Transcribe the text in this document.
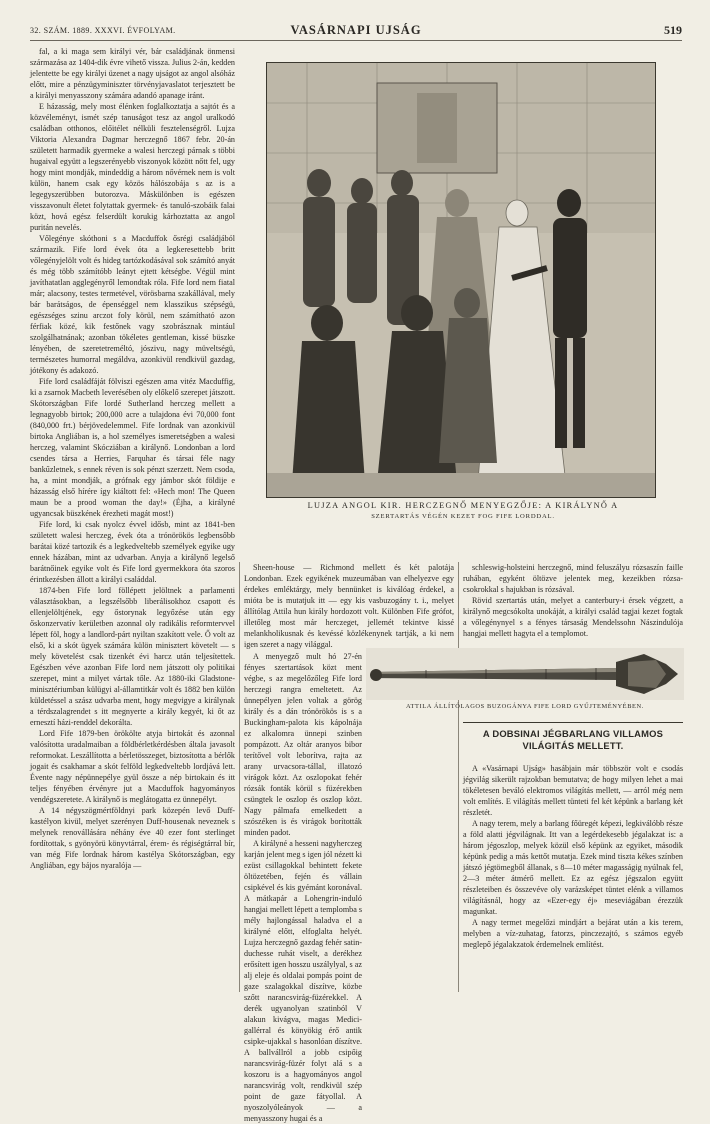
32. SZÁM. 1889. XXXVI. ÉVFOLYAM.	VASÁRNAPI UJSÁG	519

fal, a ki maga sem királyi vér, bár családjának önmensi származása az 1404-dik évre vihető vissza. Julius 2-án, kedden jelentette be egy királyi üzenet a nagy ujságot az angol alsóház előtt, mire a pénzügyminiszter törvényjavaslatot terjesztett be a királyi menyasszony számára adandó apanage iránt.

E házasság, mely most élénken foglalkoztatja a sajtót és a közvéleményt, ismét szép tanuságot tesz az angol uralkodó családban otthonos, előitélet nélküli fesztelenségről. Lujza Viktoria Alexandra Dagmar herczegnő 1867 febr. 20-án született harmadik gyermeke a walesi herczegi párnak s többi hugaival együtt a legszerényebb viszonyok között nőtt fel, ugy hogy mint mondják, mindeddig a három nővérnek nem is volt külön, hanem csak egy közös hálószobája s az is a legegyszerübben butorozva. Máskülönben is egészen visszavonult életet folytattak gyermek- és tanuló-szobáik falai közt, hová egész felserdült korukig kárhoztatta az angol puritán nevelés.

Vőlegénye skóthoni s a Macduffok ősrégi családjából származik. Fife lord évek óta a legkeresettebb britt vőlegényjelölt volt és hideg tartózkodásával sok számító anyát és még több számítóbb leányt ejtett kétségbe. Végül mint javíthatatlan agglegényről lemondtak róla. Fife lord nem fiatal már; alacsony, testes termetével, vörösbarna szakállával, mely bár barátságos, de épenséggel nem klasszikus szépségü, egészséges szinu arczot foly körül, nem számítható azon férfiak közé, kik festőnek vagy szobrásznak mintául szolgálhatnának; azonban tökéletes gentleman, kissé büszke lényében, de szeretetreméltó, jószivu, nagy müveltségü, természetes humorral megáldva, azonkivül rendkivül gazdag, jótékony és adakozó.

Fife lord családfáját fölviszi egészen ama vitéz Macduffig, ki a zsarnok Macbeth leverésében oly előkelő szerepet játszott. Skótországban Fife lordé Sutherland herczeg mellett a legnagyobb birtok; 200,000 acre a tulajdona évi 70,000 font (840,000 frt.) bérjövedelemmel. Fife lordnak van azonkivül birtoka Angliában is, a hol személyes ismeretségben a walesi herczeg, valamint Skócziában a királynő. Londonban a lord csendes társa a Herries, Farquhar és társai féle nagy bankűzletnek, s ennek réven is sok pénzt szerzett. Nem csoda, ha, a mint mondják, a grófnak egy jámbor skót földije e házasság első hírére így kiáltott fel: «Hech mon! The Queen maun be a prood woman the day!» (Éjha, a királyné ugyancsak büszkének érezheti magát most!)

Fife lord, ki csak nyolcz évvel idősb, mint az 1841-ben született walesi herczeg, évek óta a trónörökös legbensőbb barátai közé tartozik és a legkedveltebb személyek egyike ugy ennek házában, mint az udvarban. Anyja a királynő legelső barátnőinek egyike volt és Fife lord gyermekkora óta szoros érintkezésben állott a királyi családdal.

1874-ben Fife lord föllépett jelöltnek a parlamenti választásokban, a legszélsőbb liberálisokhoz csapott és ellenjelöltjének, egy őstorynak legyőzése után egy őskonzervatív kerületben azonnal oly radikális reformtervvel lépett föl, hogy a landlord-párt nyiltan szakított vele. Ő volt az első, ki a skót ügyek számára külön minisztert követelt — s mely követelést csak tizenkét évi harcz után teljesítettek. Egészben véve azonban Fife lord nem játszott oly politikai szerepet, mint a milyet vártak tőle. Az 1880-iki Gladstone-minisztériumban külügyi al-államtitkár volt és 1882 ben külön küldetéssel a szász udvarba ment, hogy megvigye a királynak a térdszalagrendet s itt megnyerte a király kegyét, ki őt az ernesztí házi-renddel dekorálta.

Lord Fife 1879-ben örökölte atyja birtokát és azonnal valósította uradalmaiban a földbérletkérdésben általa javasolt reformokat. Leszállította a bérletösszeget, biztosította a bérlők jogait és csakhamar a skót felföld legkedveltebb lordjává lett. Évente nagy népünnepélye gyül össze a nép birtokain és itt teljes fényében érvényre jut a Macduffok hagyományos vendégszeretete. A királynő is meglátogatta ez ünnepélyt.

A 14 négyszögmértföldnyi park közepén levő Duff-kastélyon kivül, melyet szerényen Duff-housenak neveznek s melynek renovállására néhány éve 40 ezer font sterlinget fordítottak, s gyönyörü könyvtárral, érem- és régiségtárral bír, van még Fife lordnak három kastélya Skótországban, egy Angliában, egy bájos nyaralója —

LUJZA ANGOL KIR. HERCZEGNŐ MENYEGZŐJE: A KIRÁLYNŐ A
SZERTARTÁS VÉGÉN KEZET FOG FIFE LORDDAL.

Sheen-house — Richmond mellett és két palotája Londonban. Ezek egyikének muzeumában van elhelyezve egy érdekes emléktárgy, mely bennünket is kiválóag érdekel, a mióta be is mutatjuk itt — egy kis vasbuzogány t. i., melyet állítólag Attila hun király hordozott volt. Különben Fife grófot, illetőleg most már herczeget, jellemét tekintve kissé melankholikusnak és kevéssé közlékenynek tartják, a ki nem igen szeret a nagy világgal.

A menyegző mult hó 27-én fényes szertartások közt ment végbe, s az megelőzőleg Fife lord herczegi rangra emeltetett. Az ünnepélyen jelen voltak a görög király és a dán trónörökös is s a Buckingham-palota kis kápolnája ez alkalomra ünnepi szinben pompázott. Az oltár aranyos bibor terítővel volt leborítva, rajta az arany urvacsora-tállal, illatozó virágok közt. Az oszlopokat fehér rózsák fonták körül s füzérekben csüngtek le oszlop és oszlop közt. Nagy pálmafa emelkedett a szószéken is és virágok borították minden padot.

A királyné a hesseni nagyherczeg karján jelent meg s igen jól nézett ki ezüst csillagokkal behintett fekete öltözetében, fején és vállain csipkével és kis gyémánt koronával. A mátkapár a Lohengrin-induló hangjai mellett lépett a templomba s mély hajlongással haladva el a királyné előtt, elfoglalta helyét. Lujza herczegnő gazdag fehér satin-duchesse ruhát viselt, a derékhez erősített igen hosszu uszálylyal, s az alj eleje és oldalai pompás point de gaze szalagokkal díszítve, közbe szőtt narancsvirág-füzérekkel. A derék ugyanolyan szatinból V alakun kivágva, magas Medici-gallérral és könyökig érő antik csipke-ujakkal s hasonlóan díszítve. A ballvállról a jobb csipőig narancsvirág-füzér folyt alá s a koszoru is a hagyományos angol narancsvirág volt, rendkivül szép point de gaze fátyollal. A nyoszolyóleányok — a menyasszony hugai és a

schleswig-holsteini herczegnő, mind feluszályu rózsaszín faille ruhában, egyként öltözve jelentek meg, kezeikben rózsa-csokrokkal s hajukban is rózsával.

Rövid szertartás után, melyet a canterbury-i érsek végzett, a királynő megcsókolta unokáját, a királyi család tagjai kezet fogtak a vőlegénynyel s a fényes társaság Mendelssohn Nászindulója hangjai mellett hagyta el a templomot.

ATTILA ÁLLÍTÓLAGOS BUZOGÁNYA FIFE LORD GYŰJTEMÉNYÉBEN.
A DOBSINAI JÉGBARLANG VILLAMOS VILÁGITÁS MELLETT.

A «Vasárnapi Ujság» hasábjain már többször volt e csodás jégvilág sikerült rajzokban bemutatva; de hogy milyen lehet a mai tökéletesen beváló elektromos világítás mellett, — arról még nem volt említés. E világítás mellett tünteti fel két képünk a barlang két részletét.

A nagy terem, mely a barlang főüregét képezi, legkiválóbb része a föld alatti jégvilágnak. Itt van a legérdekesebb jégalakzat is: a három jégoszlop, melyek közül első képünk az egyiket, második képünk pedig a más kettőt mutatja. Ezek mind tiszta kékes színben játszó jégtömegből állanak, s 8—10 méter magasságig nyúlnak fel, 2—3 méter átmérő mellett. Ez az egész jégszalon együtt részleteiben és összevéve oly varázsképet tüntet elénk a villamos világításnál, hogy az «Ezer-egy éj» meseviágában érezzük magunkat.

A nagy termet megelőzi mindjárt a bejárat után a kis terem, melyben a víz-zuhatag, fatorzs, pinczezajtó, s számos egyéb meglepő jégalakzatok érdemelnek említést.
